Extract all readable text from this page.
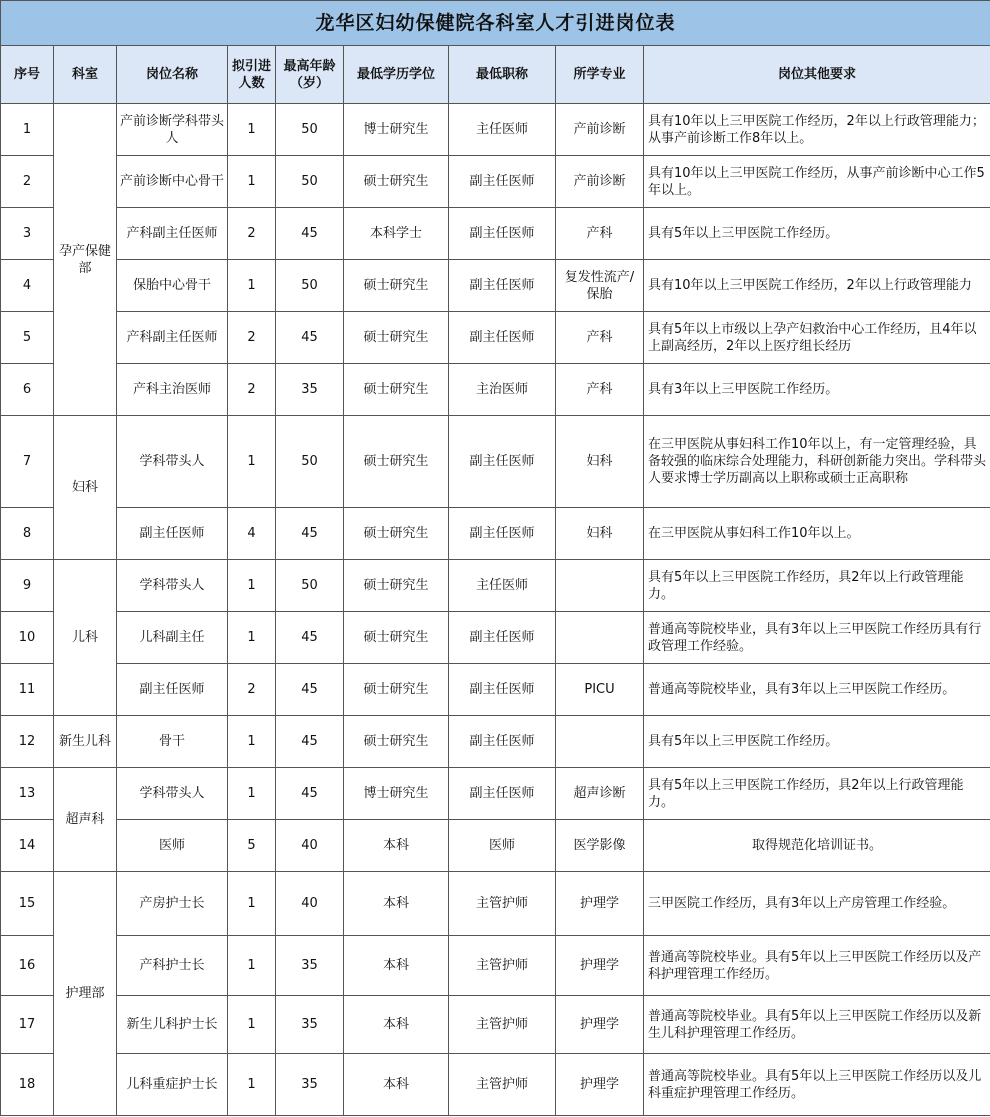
龙华区妇幼保健院各科室人才引进岗位表								
序号	科室	岗位名称	拟引进人数	最高年龄（岁）	最低学历学位	最低职称	所学专业	岗位其他要求
1	孕产保健部	产前诊断学科带头人	1	50	博士研究生	主任医师	产前诊断	具有10年以上三甲医院工作经历，2年以上行政管理能力；从事产前诊断工作8年以上。
2		产前诊断中心骨干	1	50	硕士研究生	副主任医师	产前诊断	具有10年以上三甲医院工作经历，从事产前诊断中心工作5年以上。
3		产科副主任医师	2	45	本科学士	副主任医师	产科	具有5年以上三甲医院工作经历。
4		保胎中心骨干	1	50	硕士研究生	副主任医师	复发性流产/保胎	具有10年以上三甲医院工作经历，2年以上行政管理能力
5		产科副主任医师	2	45	硕士研究生	副主任医师	产科	具有5年以上市级以上孕产妇救治中心工作经历，且4年以上副高经历，2年以上医疗组长经历
6		产科主治医师	2	35	硕士研究生	主治医师	产科	具有3年以上三甲医院工作经历。
7	妇科	学科带头人	1	50	硕士研究生	副主任医师	妇科	在三甲医院从事妇科工作10年以上，有一定管理经验，具备较强的临床综合处理能力，科研创新能力突出。学科带头人要求博士学历副高以上职称或硕士正高职称
8		副主任医师	4	45	硕士研究生	副主任医师	妇科	在三甲医院从事妇科工作10年以上。
9	儿科	学科带头人	1	50	硕士研究生	主任医师		具有5年以上三甲医院工作经历，具2年以上行政管理能力。
10		儿科副主任	1	45	硕士研究生	副主任医师		普通高等院校毕业，具有3年以上三甲医院工作经历具有行政管理工作经验。
11		副主任医师	2	45	硕士研究生	副主任医师	PICU	普通高等院校毕业，具有3年以上三甲医院工作经历。
12	新生儿科	骨干	1	45	硕士研究生	副主任医师		具有5年以上三甲医院工作经历。
13	超声科	学科带头人	1	45	博士研究生	副主任医师	超声诊断	具有5年以上三甲医院工作经历，具2年以上行政管理能力。
14		医师	5	40	本科	医师	医学影像	取得规范化培训证书。
15	护理部	产房护士长	1	40	本科	主管护师	护理学	三甲医院工作经历，具有3年以上产房管理工作经验。
16		产科护士长	1	35	本科	主管护师	护理学	普通高等院校毕业。具有5年以上三甲医院工作经历以及产科护理管理工作经历。
17		新生儿科护士长	1	35	本科	主管护师	护理学	普通高等院校毕业。具有5年以上三甲医院工作经历以及新生儿科护理管理工作经历。
18		儿科重症护士长	1	35	本科	主管护师	护理学	普通高等院校毕业。具有5年以上三甲医院工作经历以及儿科重症护理管理工作经历。
